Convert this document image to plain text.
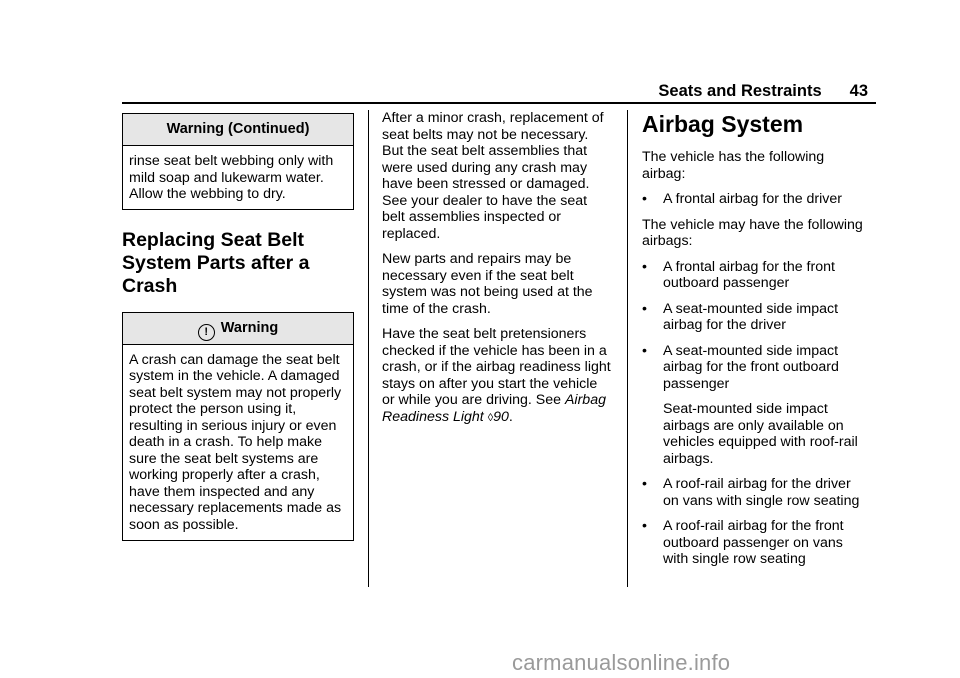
Seats and Restraints 43
Warning (Continued)
rinse seat belt webbing only with
mild soap and lukewarm water.
Allow the webbing to dry.
Replacing Seat Belt
System Parts after a
Crash
! Warning
A crash can damage the seat belt
system in the vehicle. A damaged
seat belt system may not properly
protect the person using it,
resulting in serious injury or even
death in a crash. To help make
sure the seat belt systems are
working properly after a crash,
have them inspected and any
necessary replacements made as
soon as possible.

After a minor crash, replacement of
seat belts may not be necessary.
But the seat belt assemblies that
were used during any crash may
have been stressed or damaged.
See your dealer to have the seat
belt assemblies inspected or
replaced.

New parts and repairs may be
necessary even if the seat belt
system was not being used at the
time of the crash.

Have the seat belt pretensioners
checked if the vehicle has been in a
crash, or if the airbag readiness light
stays on after you start the vehicle
or while you are driving. See Airbag
Readiness Light ◊90.

Airbag System

The vehicle has the following
airbag:

• A frontal airbag for the driver

The vehicle may have the following
airbags:

• A frontal airbag for the front
outboard passenger
• A seat-mounted side impact
airbag for the driver
• A seat-mounted side impact
airbag for the front outboard
passenger
Seat-mounted side impact
airbags are only available on
vehicles equipped with roof-rail
airbags.
• A roof-rail airbag for the driver
on vans with single row seating
• A roof-rail airbag for the front
outboard passenger on vans
with single row seating
carmanualsonline.info
